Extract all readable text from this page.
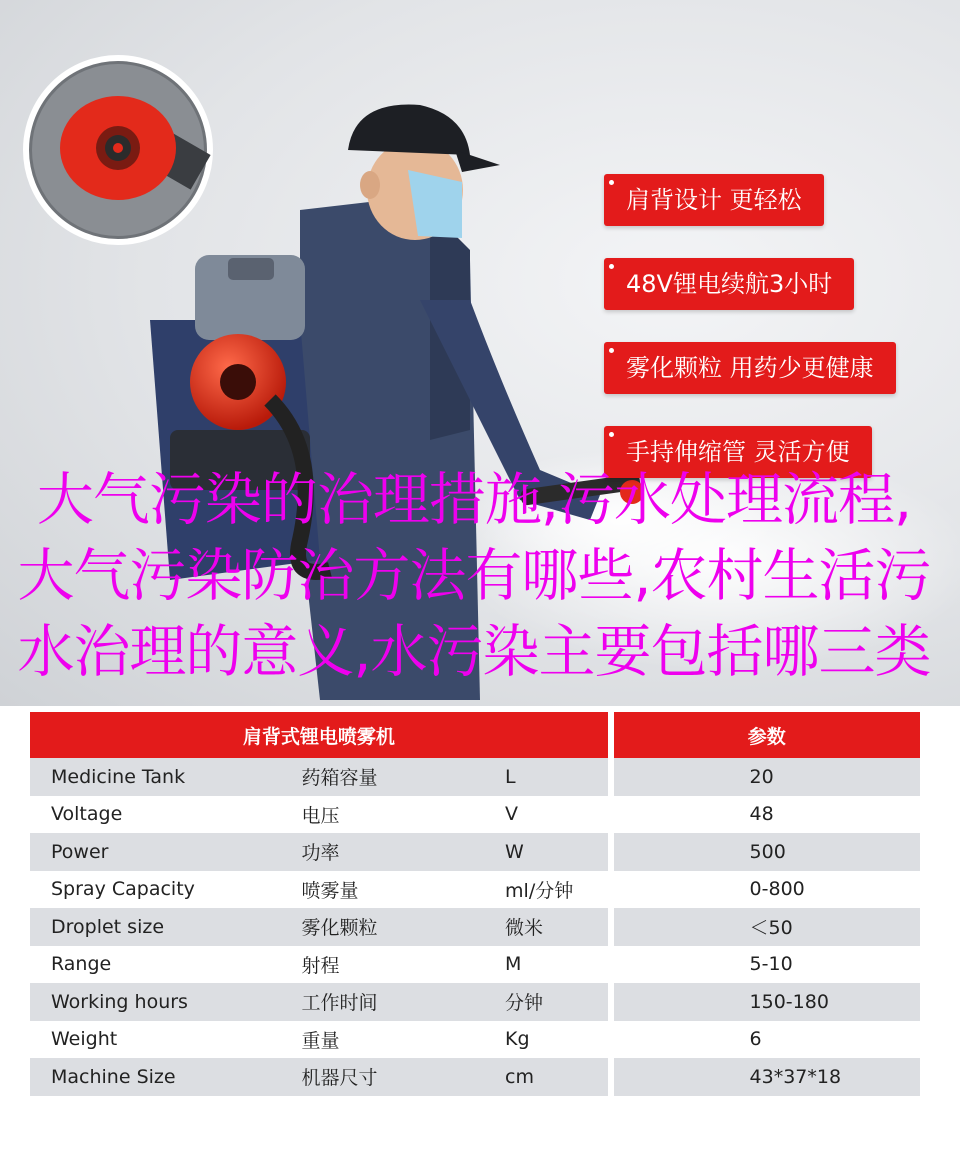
肩背设计 更轻松
48V锂电续航3小时
雾化颗粒 用药少更健康
手持伸缩管 灵活方便
大气污染的治理措施,污水处理流程,大气污染防治方法有哪些,农村生活污水治理的意义,水污染主要包括哪三类
肩背式锂电喷雾机				参数
Medicine Tank	药箱容量	L		20
Voltage	电压	V		48
Power	功率	W		500
Spray Capacity	喷雾量	ml/分钟		0-800
Droplet size	雾化颗粒	微米		＜50
Range	射程	M		5-10
Working hours	工作时间	分钟		150-180
Weight	重量	Kg		6
Machine Size	机器尺寸	cm		43*37*18
